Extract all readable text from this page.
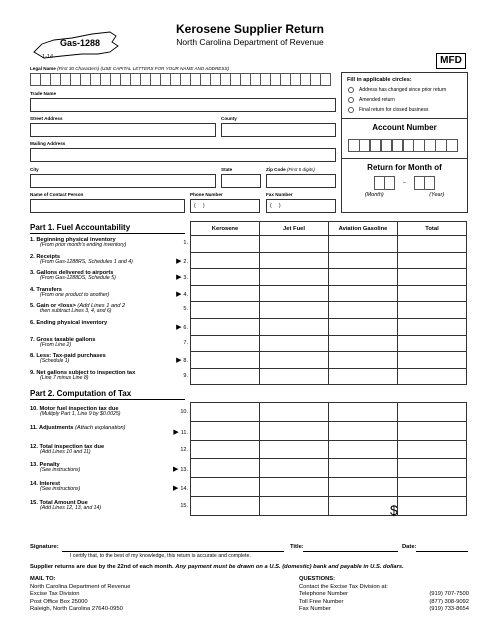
Gas-1288
1-14
Kerosene Supplier Return
North Carolina Department of Revenue
MFD
Legal Name (First 30 Characters) (USE CAPITAL LETTERS FOR YOUR NAME AND ADDRESS)
Trade Name
Street Address	County
Mailing Address
City	State	Zip Code (First 5 digits)
Name of Contact Person	Phone Number
(     )
Fax Number
(     )
Fill in applicable circles:
Address has changed since prior return
Amended return
Final return for closed business
Account Number
Return for Month of
–
(Month)	(Year)
Part 1. Fuel Accountability
1. Beginning physical inventory
(From prior month's ending inventory)	1.
2. Receipts
(From Gas-1288RS, Schedules 1 and 4)	▶ 2.
3. Gallons delivered to airports
(From Gas-1288DS, Schedule 5)	▶ 3.
4. Transfers
(From one product to another)	▶ 4.
5. Gain or <loss> (Add Lines 1 and 2
then subtract Lines 3, 4, and 6)	5.
6. Ending physical inventory
▶ 6.
7. Gross taxable gallons
(From Line 2)	7.
8. Less: Tax-paid purchases
(Schedule 1)	▶ 8.
9. Net gallons subject to inspection tax
(Line 7 minus Line 8)	9.
Kerosene	Jet Fuel	Aviation Gasoline	Total

Part 2. Computation of Tax
10. Motor fuel inspection tax due
(Multiply Part 1, Line 9 by $0.0025)	10.
11. Adjustments (Attach explanation)
▶ 11.
12. Total inspection tax due
(Add Lines 10 and 11)	12.
13. Penalty
(See instructions)	▶ 13.
14. Interest
(See instructions)	▶ 14.
15. Total Amount Due
(Add Lines 12, 13, and 14)	15.

				$
Signature:	Title:	Date:
I certify that, to the best of my knowledge, this return is accurate and complete.
Supplier returns are due by the 22nd of each month. Any payment must be drawn on a U.S. (domestic) bank and payable in U.S. dollars.
MAIL TO:
North Carolina Department of Revenue
Excise Tax Division
Post Office Box 25000
Raleigh, North Carolina 27640-0950
QUESTIONS:
Contact the Excise Tax Division at:

Telephone Number	(919) 707-7500
Toll Free Number	(877) 308-9092
Fax Number	(919) 733-8654
